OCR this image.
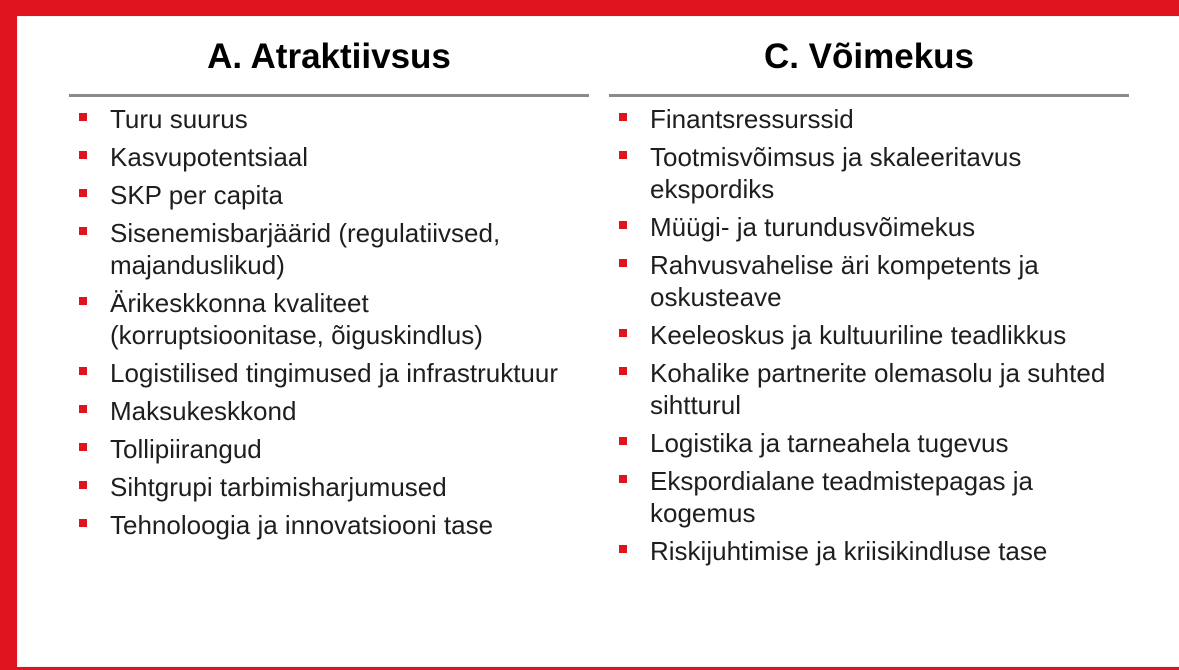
A. Atraktiivsus
Turu suurus
Kasvupotentsiaal
SKP per capita
Sisenemisbarjäärid (regulatiivsed, majanduslikud)
Ärikeskkonna kvaliteet (korruptsioonitase, õiguskindlus)
Logistilised tingimused ja infrastruktuur
Maksukeskkond
Tollipiirangud
Sihtgrupi tarbimisharjumused
Tehnoloogia ja innovatsiooni tase
C. Võimekus
Finantsressurssid
Tootmisvõimsus ja skaleeritavus ekspordiks
Müügi- ja turundusvõimekus
Rahvusvahelise äri kompetents ja oskusteave
Keeleoskus ja kultuuriline teadlikkus
Kohalike partnerite olemasolu ja suhted sihtturul
Logistika ja tarneahela tugevus
Ekspordialane teadmistepagas ja kogemus
Riskijuhtimise ja kriisikindluse tase
